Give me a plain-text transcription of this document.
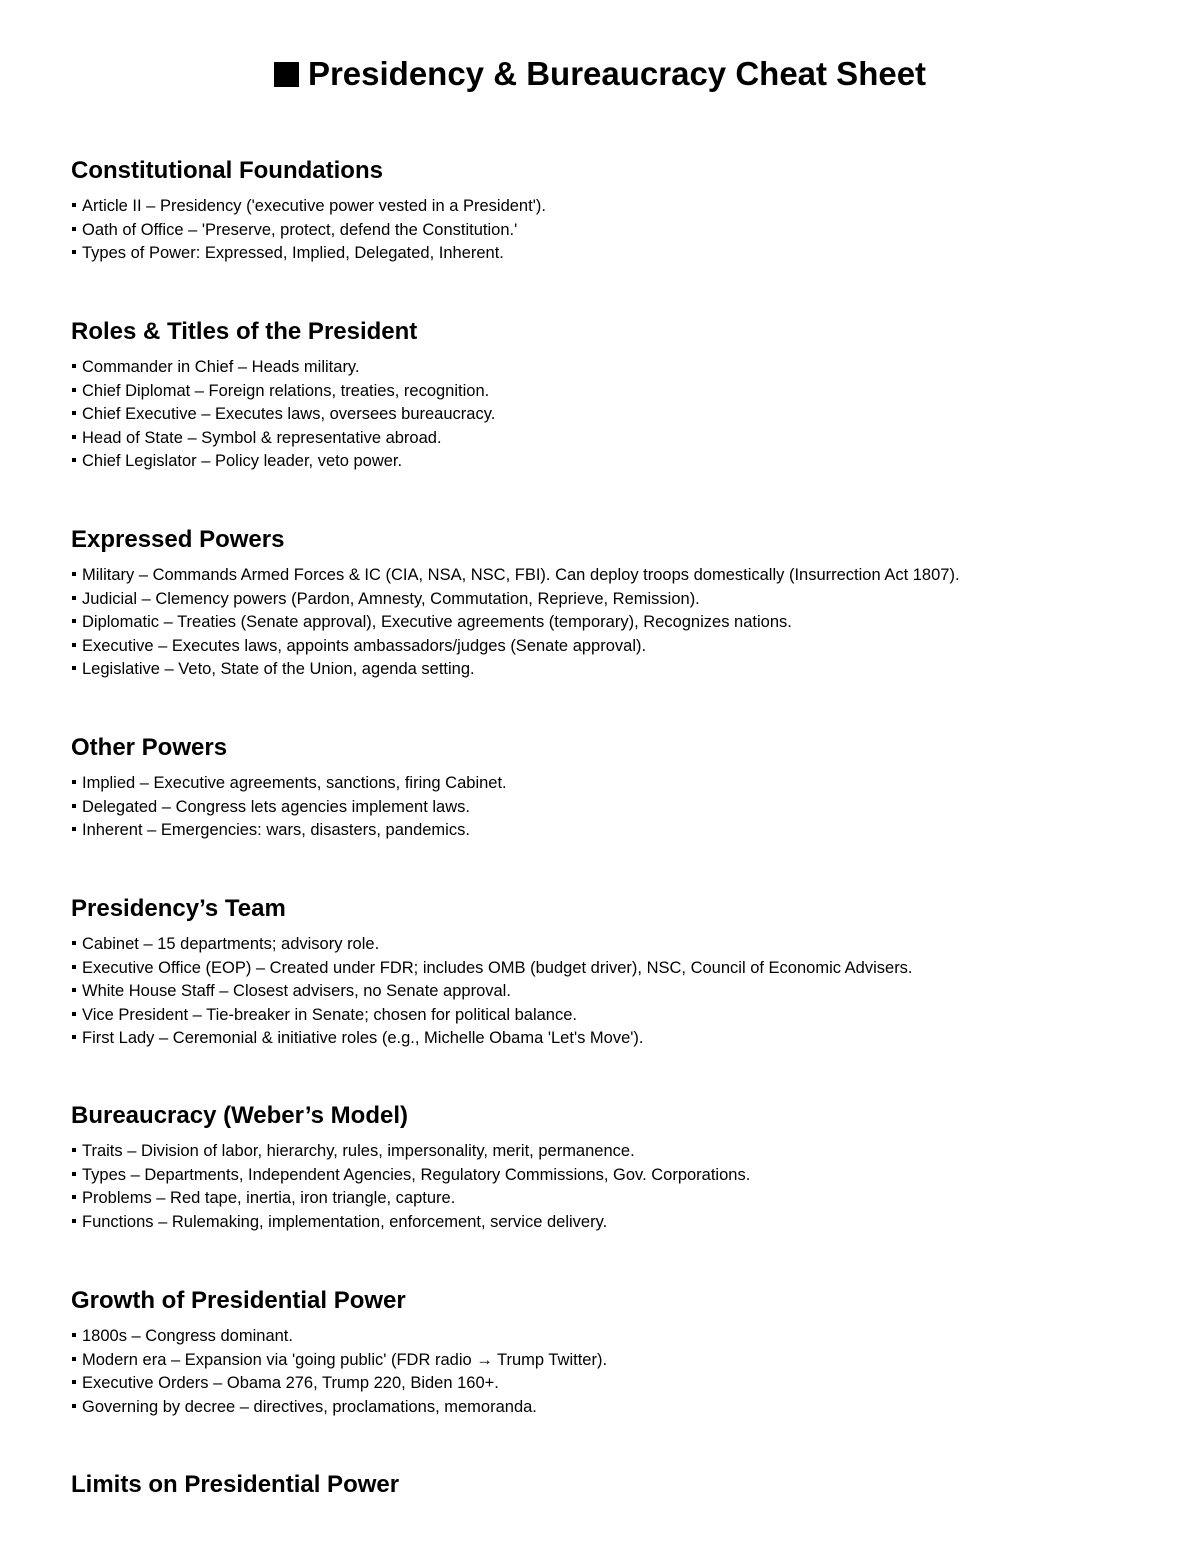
Presidency & Bureaucracy Cheat Sheet
Constitutional Foundations
Article II – Presidency ('executive power vested in a President').
Oath of Office – 'Preserve, protect, defend the Constitution.'
Types of Power: Expressed, Implied, Delegated, Inherent.
Roles & Titles of the President
Commander in Chief – Heads military.
Chief Diplomat – Foreign relations, treaties, recognition.
Chief Executive – Executes laws, oversees bureaucracy.
Head of State – Symbol & representative abroad.
Chief Legislator – Policy leader, veto power.
Expressed Powers
Military – Commands Armed Forces & IC (CIA, NSA, NSC, FBI). Can deploy troops domestically (Insurrection Act 1807).
Judicial – Clemency powers (Pardon, Amnesty, Commutation, Reprieve, Remission).
Diplomatic – Treaties (Senate approval), Executive agreements (temporary), Recognizes nations.
Executive – Executes laws, appoints ambassadors/judges (Senate approval).
Legislative – Veto, State of the Union, agenda setting.
Other Powers
Implied – Executive agreements, sanctions, firing Cabinet.
Delegated – Congress lets agencies implement laws.
Inherent – Emergencies: wars, disasters, pandemics.
Presidency’s Team
Cabinet – 15 departments; advisory role.
Executive Office (EOP) – Created under FDR; includes OMB (budget driver), NSC, Council of Economic Advisers.
White House Staff – Closest advisers, no Senate approval.
Vice President – Tie-breaker in Senate; chosen for political balance.
First Lady – Ceremonial & initiative roles (e.g., Michelle Obama 'Let's Move').
Bureaucracy (Weber’s Model)
Traits – Division of labor, hierarchy, rules, impersonality, merit, permanence.
Types – Departments, Independent Agencies, Regulatory Commissions, Gov. Corporations.
Problems – Red tape, inertia, iron triangle, capture.
Functions – Rulemaking, implementation, enforcement, service delivery.
Growth of Presidential Power
1800s – Congress dominant.
Modern era – Expansion via 'going public' (FDR radio → Trump Twitter).
Executive Orders – Obama 276, Trump 220, Biden 160+.
Governing by decree – directives, proclamations, memoranda.
Limits on Presidential Power
